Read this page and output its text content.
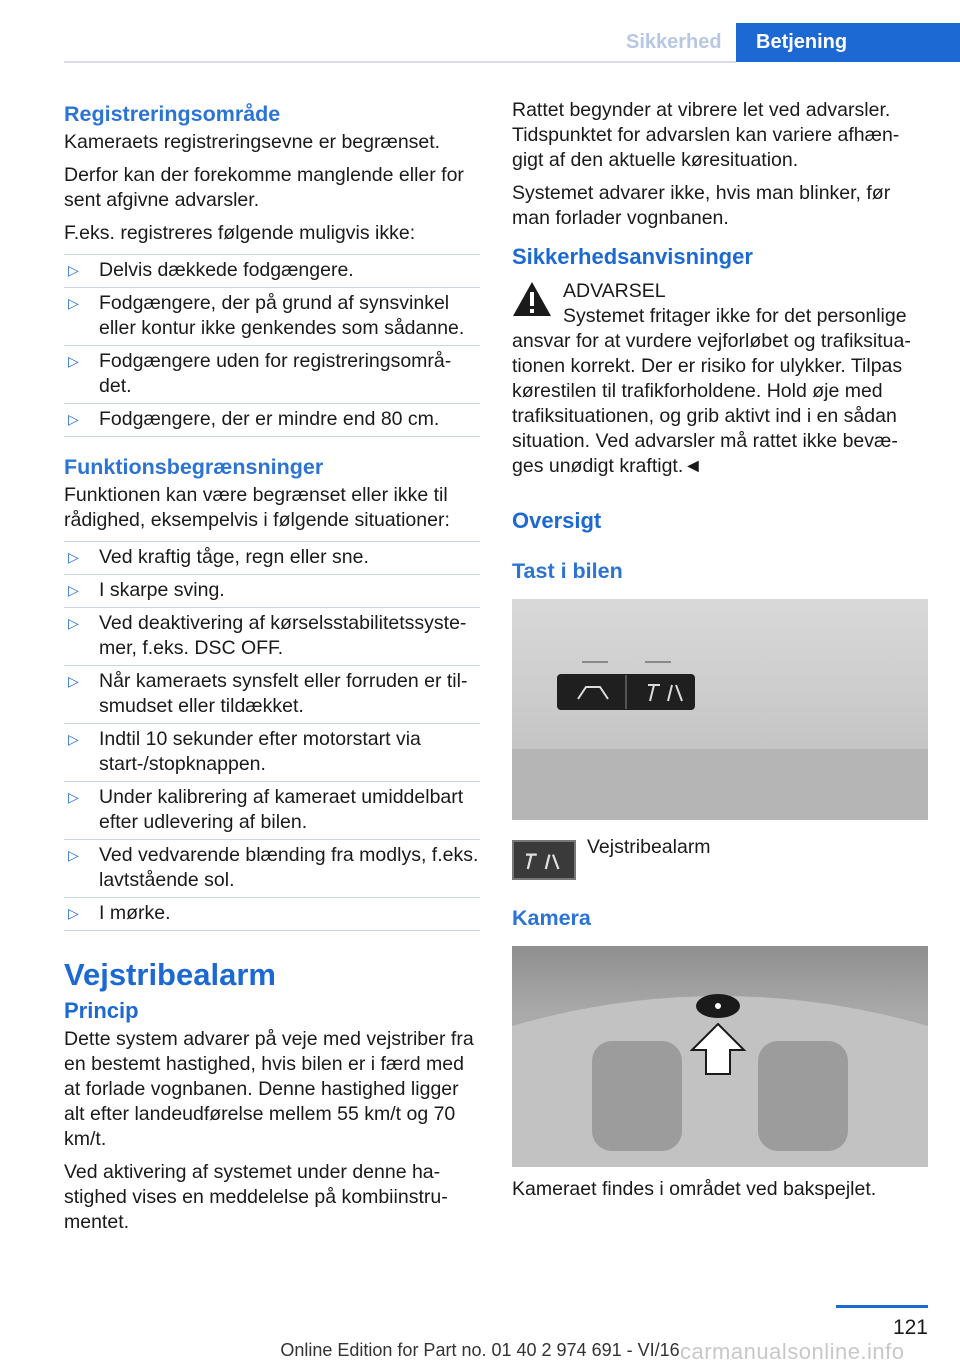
Sikkerhed	Betjening
Registreringsområde

Kameraets registreringsevne er begrænset.

Derfor kan der forekomme manglende eller for sent afgivne advarsler.

F.eks. registreres følgende muligvis ikke:

▷ Delvis dækkede fodgængere.
▷ Fodgængere, der på grund af synsvinkel eller kontur ikke genkendes som sådanne.
▷ Fodgængere uden for registreringsområ‐ det.
▷ Fodgængere, der er mindre end 80 cm.
Funktionsbegrænsninger

Funktionen kan være begrænset eller ikke til rådighed, eksempelvis i følgende situationer:

▷ Ved kraftig tåge, regn eller sne.
▷ I skarpe sving.
▷ Ved deaktivering af kørselsstabilitetssyste‐ mer, f.eks. DSC OFF.
▷ Når kameraets synsfelt eller forruden er til‐ smudset eller tildækket.
▷ Indtil 10 sekunder efter motorstart via start-/stopknappen.
▷ Under kalibrering af kameraet umiddelbart efter udlevering af bilen.
▷ Ved vedvarende blænding fra modlys, f.eks. lavtstående sol.
▷ I mørke.
Vejstribealarm
Princip

Dette system advarer på veje med vejstriber fra en bestemt hastighed, hvis bilen er i færd med at forlade vognbanen. Denne hastighed ligger alt efter landeudførelse mellem 55 km/t og 70 km/t.

Ved aktivering af systemet under denne ha‐ stighed vises en meddelelse på kombiinstru‐ mentet.

Rattet begynder at vibrere let ved advarsler. Tidspunktet for advarslen kan variere afhæn‐ gigt af den aktuelle køresituation.

Systemet advarer ikke, hvis man blinker, før man forlader vognbanen.

Sikkerhedsanvisninger
ADVARSEL
Systemet fritager ikke for det personlige
ansvar for at vurdere vejforløbet og trafiksitua‐ tionen korrekt. Der er risiko for ulykker. Tilpas kørestilen til trafikforholdene. Hold øje med trafiksituationen, og grib aktivt ind i en sådan situation. Ved advarsler må rattet ikke bevæ‐ ges unødigt kraftigt.◄
Oversigt
Tast i bilen
Vejstribealarm
Kamera

Kameraet findes i området ved bakspejlet.

121
Online Edition for Part no. 01 40 2 974 691 - VI/16 carmanualsonline.info
